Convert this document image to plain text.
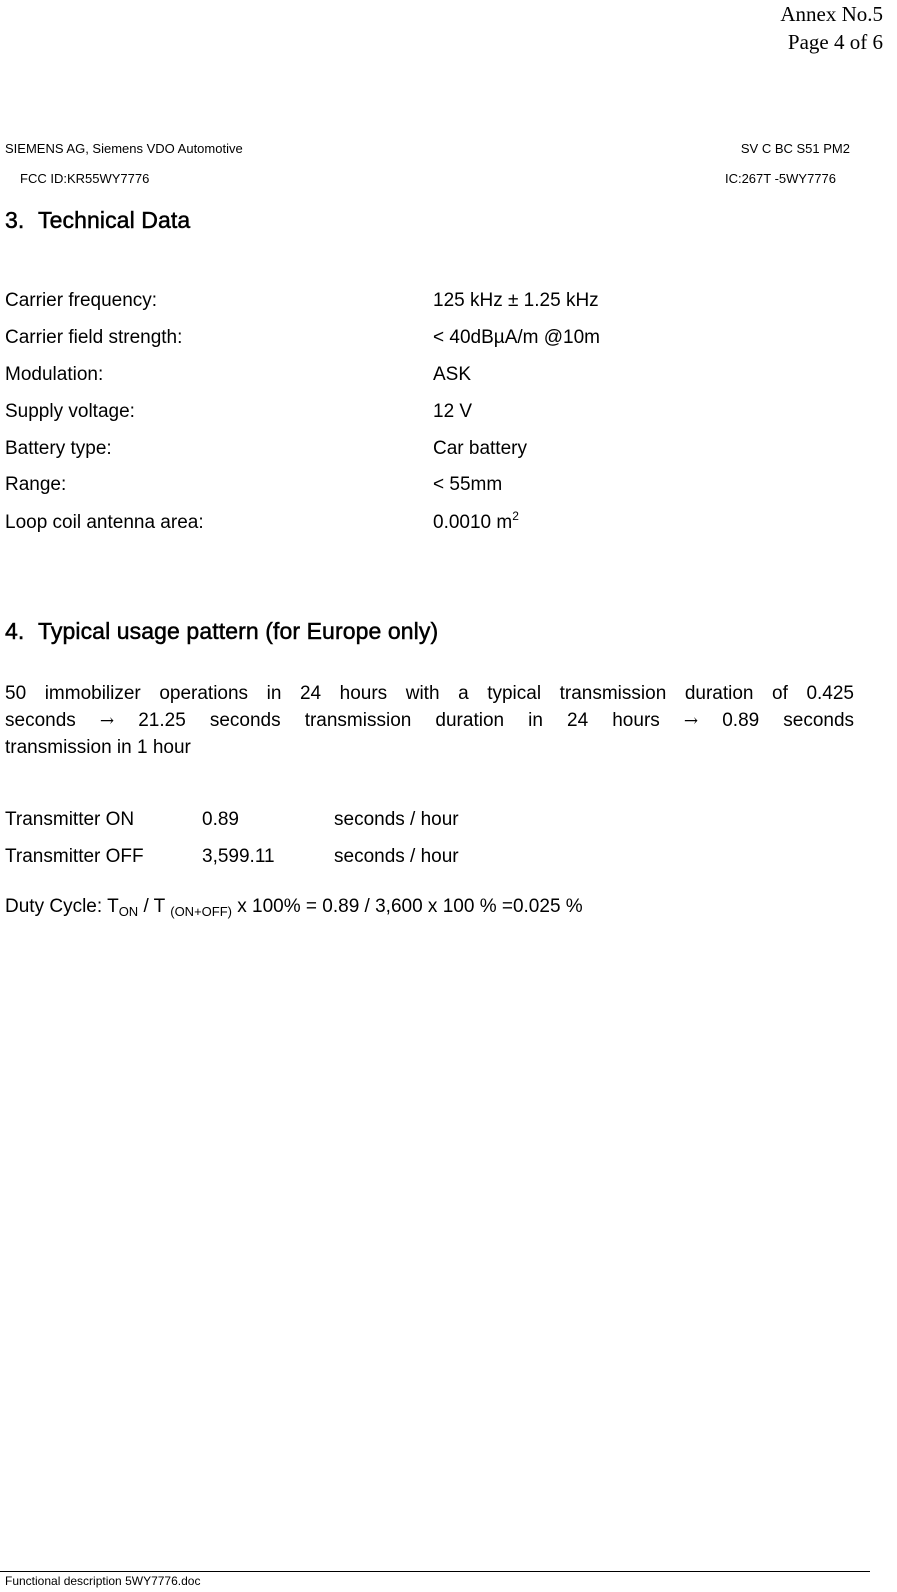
Annex No.5
Page 4 of 6
SIEMENS AG, Siemens VDO Automotive	SV C BC S51 PM2
FCC ID:KR55WY7776	IC:267T -5WY7776
3. Technical Data
Carrier frequency:	125 kHz ± 1.25 kHz
Carrier field strength:	< 40dBµA/m @10m
Modulation:	ASK
Supply voltage:	12 V
Battery type:	Car battery
Range:	< 55mm
Loop coil antenna area:	0.0010 $m^2$
4. Typical usage pattern (for Europe only)
50 immobilizer operations in 24 hours with a typical transmission duration of 0.425
seconds → 21.25 seconds transmission duration in 24 hours → 0.89 seconds
transmission in 1 hour
Transmitter ON	0.89	seconds / hour
Transmitter OFF	3,599.11	seconds / hour
Duty Cycle: $T_{ON}$ / T $_{(ON+OFF)}$ x 100% = 0.89 / 3,600 x 100 % =0.025 %
Functional description 5WY7776.doc
